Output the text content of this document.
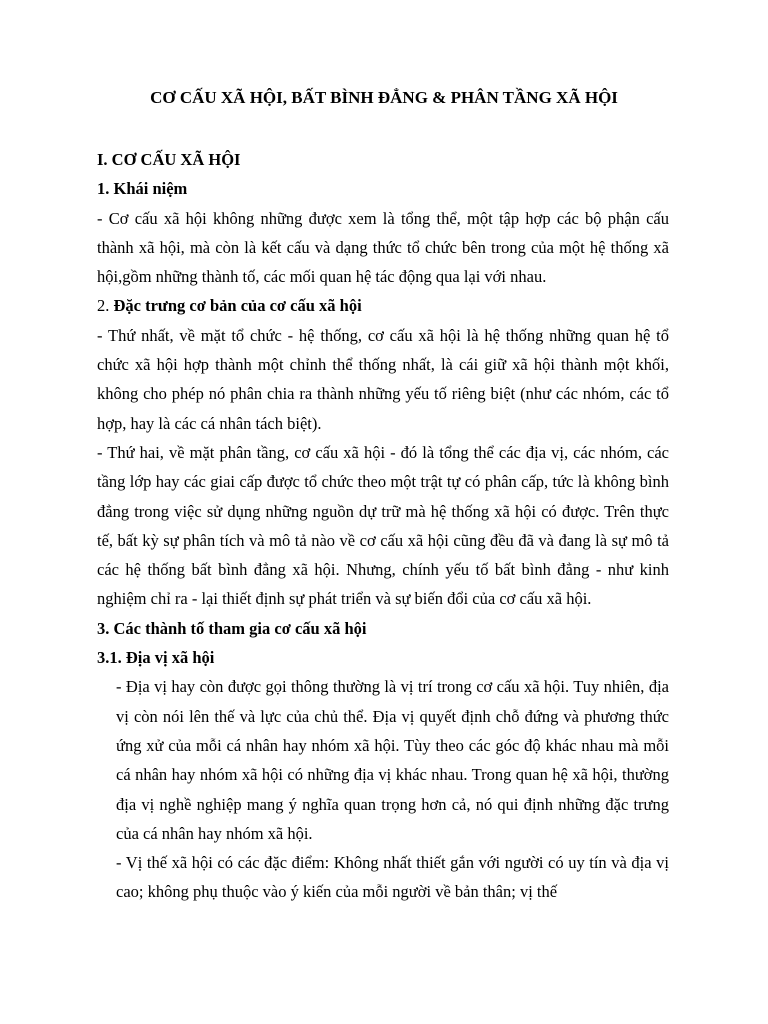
CƠ CẤU XÃ HỘI, BẤT BÌNH ĐẲNG & PHÂN TẦNG XÃ HỘI

I. CƠ CẤU XÃ HỘI

1. Khái niệm

- Cơ cấu xã hội không những được xem là tổng thể, một tập hợp các bộ phận cấu thành xã hội, mà còn là kết cấu và dạng thức tổ chức bên trong của một hệ thống xã hội,gồm những thành tố, các mối quan hệ tác động qua lại với nhau.

2. Đặc trưng cơ bản của cơ cấu xã hội

- Thứ nhất, về mặt tổ chức - hệ thống, cơ cấu xã hội là hệ thống những quan hệ tổ chức xã hội hợp thành một chỉnh thể thống nhất, là cái giữ xã hội thành một khối, không cho phép nó phân chia ra thành những yếu tố riêng biệt (như các nhóm, các tổ hợp, hay là các cá nhân tách biệt).

- Thứ hai, về mặt phân tầng, cơ cấu xã hội - đó là tổng thể các địa vị, các nhóm, các tầng lớp hay các giai cấp được tổ chức theo một trật tự có phân cấp, tức là không bình đẳng trong việc sử dụng những nguồn dự trữ mà hệ thống xã hội có được. Trên thực tế, bất kỳ sự phân tích và mô tả nào về cơ cấu xã hội cũng đều đã và đang là sự mô tả các hệ thống bất bình đẳng xã hội. Nhưng, chính yếu tố bất bình đẳng - như kinh nghiệm chỉ ra - lại thiết định sự phát triển và sự biến đổi của cơ cấu xã hội.

3. Các thành tố tham gia cơ cấu xã hội

3.1. Địa vị xã hội

- Địa vị hay còn được gọi thông thường là vị trí trong cơ cấu xã hội. Tuy nhiên, địa vị còn nói lên thế và lực của chủ thể. Địa vị quyết định chỗ đứng và phương thức ứng xử của mỗi cá nhân hay nhóm xã hội. Tùy theo các góc độ khác nhau mà mỗi cá nhân hay nhóm xã hội có những địa vị khác nhau. Trong quan hệ xã hội, thường địa vị nghề nghiệp mang ý nghĩa quan trọng hơn cả, nó qui định những đặc trưng của cá nhân hay nhóm xã hội.

- Vị thế xã hội có các đặc điểm: Không nhất thiết gắn với người có uy tín và địa vị cao; không phụ thuộc vào ý kiến của mỗi người về bản thân; vị thế
